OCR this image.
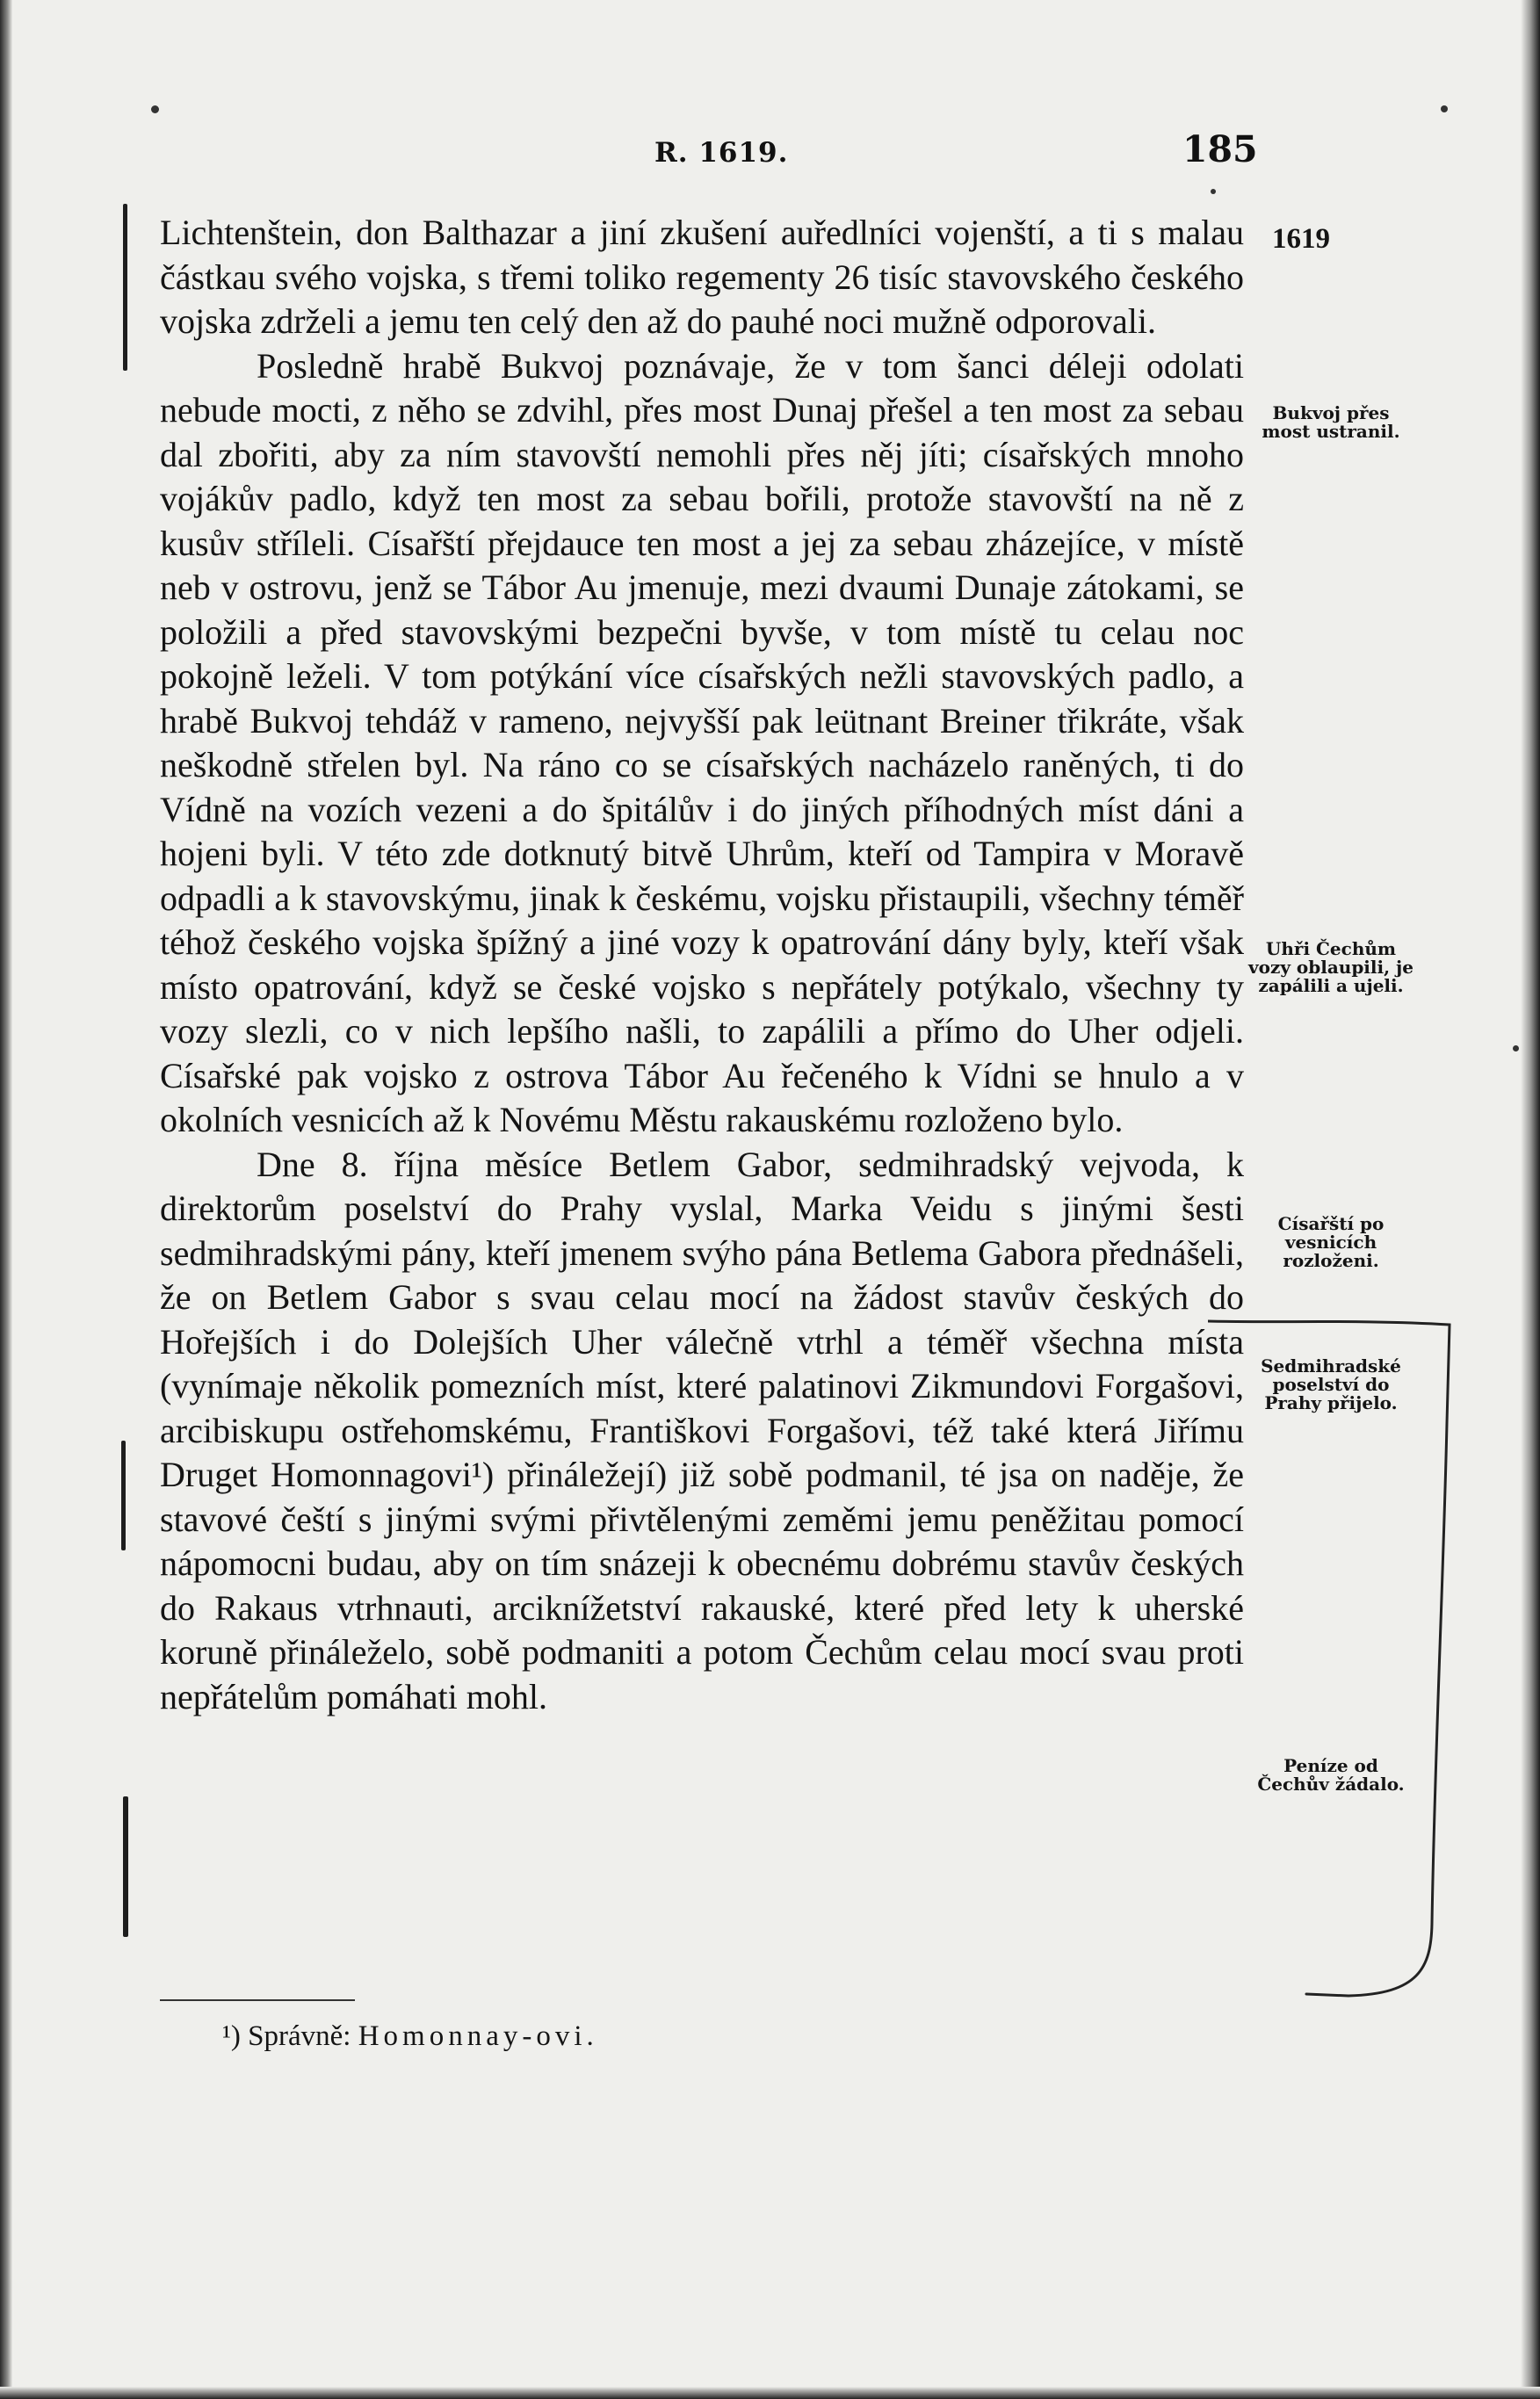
R. 1619.	185
1619

Lichtenštein, don Balthazar a jiní zkušení auředlníci vojenští, a ti s malau částkau svého vojska, s třemi toliko regementy 26 tisíc stavovského českého vojska zdrželi a jemu ten celý den až do pauhé noci mužně odporovali.

Posledně hrabě Bukvoj poznávaje, že v tom šanci déleji odolati nebude mocti, z něho se zdvihl, přes most Dunaj přešel a ten most za sebau dal zbořiti, aby za ním stavovští nemohli přes něj jíti; císařských mnoho vojákův padlo, když ten most za sebau bořili, protože stavovští na ně z kusův stříleli. Císařští přejdauce ten most a jej za sebau zházejíce, v místě neb v ostrovu, jenž se Tábor Au jmenuje, mezi dvaumi Dunaje zátokami, se položili a před stavovskými bezpečni byvše, v tom místě tu celau noc pokojně leželi. V tom potýkání více císařských nežli stavovských padlo, a hrabě Bukvoj tehdáž v rameno, nejvyšší pak leütnant Breiner třikráte, však neškodně střelen byl. Na ráno co se císařských nacházelo raněných, ti do Vídně na vozích vezeni a do špitálův i do jiných příhodných míst dáni a hojeni byli. V této zde dotknutý bitvě Uhrům, kteří od Tampira v Moravě odpadli a k stavovskýmu, jinak k českému, vojsku přistaupili, všechny téměř téhož českého vojska špížný a jiné vozy k opatrování dány byly, kteří však místo opatrování, když se české vojsko s nepřátely potýkalo, všechny ty vozy slezli, co v nich lepšího našli, to zapálili a přímo do Uher odjeli. Císařské pak vojsko z ostrova Tábor Au řečeného k Vídni se hnulo a v okolních vesnicích až k Novému Městu rakauskému rozloženo bylo.

Dne 8. října měsíce Betlem Gabor, sedmihradský vejvoda, k direktorům poselství do Prahy vyslal, Marka Veidu s jinými šesti sedmihradskými pány, kteří jmenem svýho pána Betlema Gabora přednášeli, že on Betlem Gabor s svau celau mocí na žádost stavův českých do Hořejších i do Dolejších Uher válečně vtrhl a téměř všechna místa (vynímaje několik pomezních míst, které palatinovi Zikmundovi Forgašovi, arcibiskupu ostřehomskému, Františkovi Forgašovi, též také která Jiřímu Druget Homonnagovi¹) přináležejí) již sobě podmanil, té jsa on naděje, že stavové čeští s jinými svými přivtělenými zeměmi jemu peněžitau pomocí nápomocni budau, aby on tím snázeji k obecnému dobrému stavův českých do Rakaus vtrhnauti, arciknížetství rakauské, které před lety k uherské koruně přináleželo, sobě podmaniti a potom Čechům celau mocí svau proti nepřátelům pomáhati mohl.

Bukvoj přes most ustranil.
Uhři Čechům vozy oblaupili, je zapálili a ujeli.
Císařští po vesnicích rozloženi.
Sedmihradské poselství do Prahy přijelo.
Peníze od Čechův žádalo.
¹) Správně: Homonnay-ovi.
